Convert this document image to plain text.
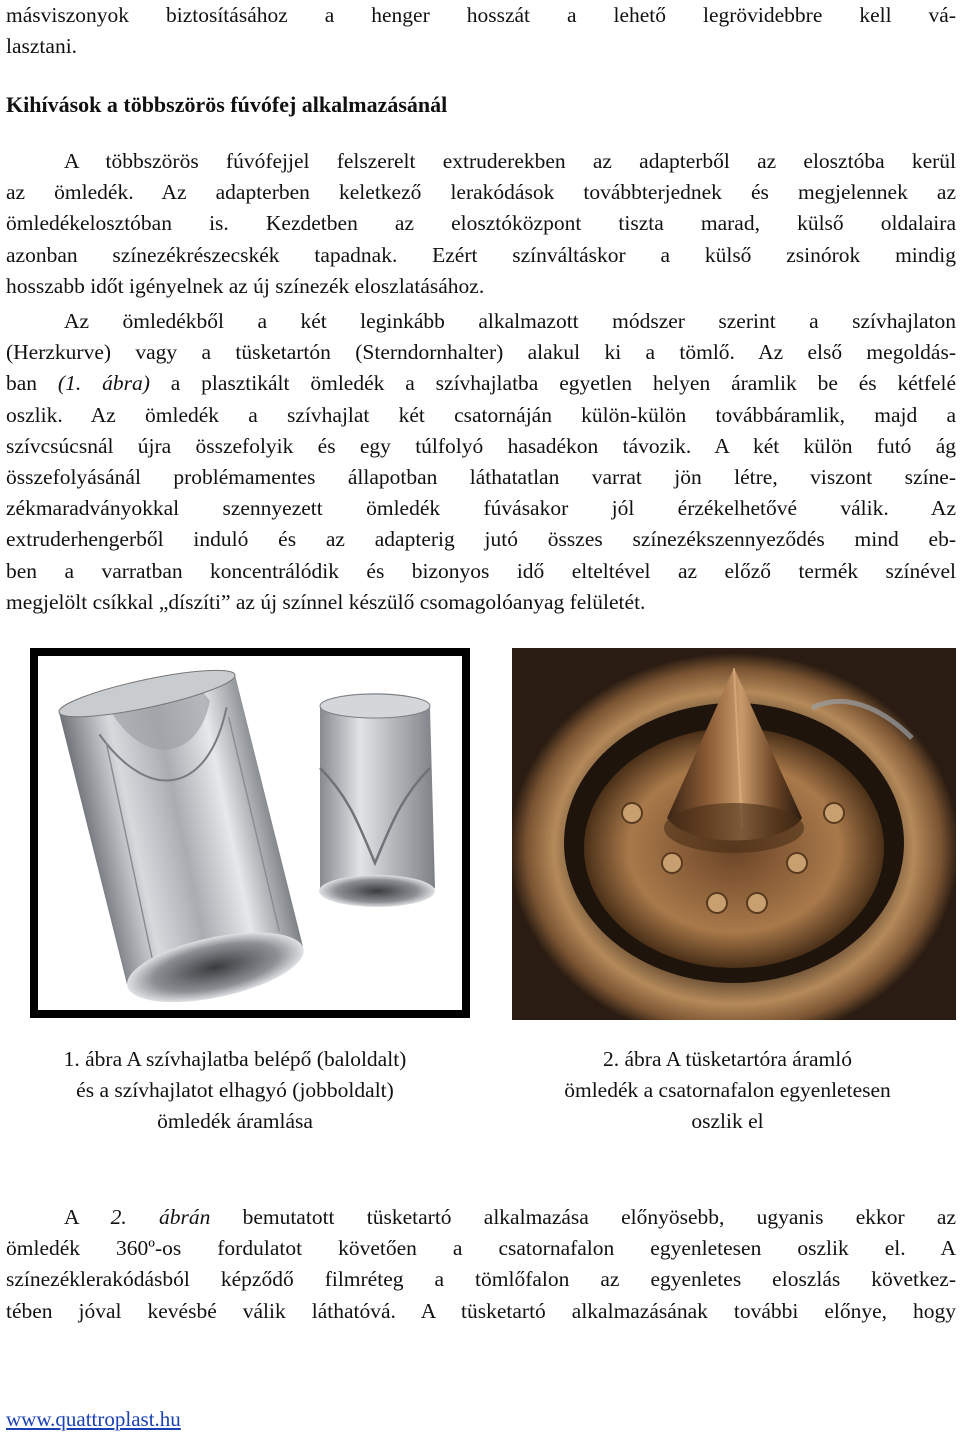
másviszonyok biztosításához a henger hosszát a lehető legrövidebbre kell vá-
lasztani.
Kihívások a többszörös fúvófej alkalmazásánál
A többszörös fúvófejjel felszerelt extruderekben az adapterből az elosztóba kerül
az ömledék. Az adapterben keletkező lerakódások továbbterjednek és megjelennek az
ömledékelosztóban is. Kezdetben az elosztóközpont tiszta marad, külső oldalaira
azonban színezékrészecskék tapadnak. Ezért színváltáskor a külső zsinórok mindig
hosszabb időt igényelnek az új színezék eloszlatásához.
Az ömledékből a két leginkább alkalmazott módszer szerint a szívhajlaton
(Herzkurve) vagy a tüsketartón (Sterndornhalter) alakul ki a tömlő. Az első megoldás-
ban (1. ábra) a plasztikált ömledék a szívhajlatba egyetlen helyen áramlik be és kétfelé
oszlik. Az ömledék a szívhajlat két csatornáján külön-külön továbbáramlik, majd a
szívcsúcsnál újra összefolyik és egy túlfolyó hasadékon távozik. A két külön futó ág
összefolyásánál problémamentes állapotban láthatatlan varrat jön létre, viszont színe-
zékmaradványokkal szennyezett ömledék fúvásakor jól érzékelhetővé válik. Az
extruderhengerből induló és az adapterig jutó összes színezékszennyeződés mind eb-
ben a varratban koncentrálódik és bizonyos idő elteltével az előző termék színével
megjelölt csíkkal „díszíti” az új színnel készülő csomagolóanyag felületét.
1. ábra A szívhajlatba belépő (baloldalt)
és a szívhajlatot elhagyó (jobboldalt)
ömledék áramlása
2. ábra A tüsketartóra áramló
ömledék a csatornafalon egyenletesen
oszlik el
A 2. ábrán bemutatott tüsketartó alkalmazása előnyösebb, ugyanis ekkor az
ömledék 360º-os fordulatot követően a csatornafalon egyenletesen oszlik el. A
színezéklerakódásból képződő filmréteg a tömlőfalon az egyenletes eloszlás következ-
tében jóval kevésbé válik láthatóvá. A tüsketartó alkalmazásának további előnye, hogy
www.quattroplast.hu
